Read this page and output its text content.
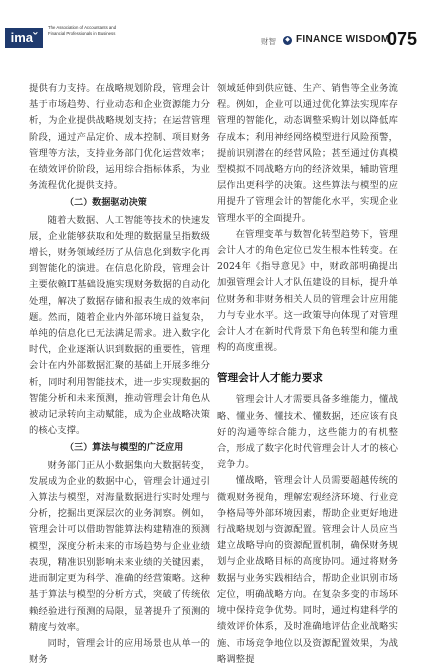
imaˇ
The Association of Accountants and Financial Professionals in Business
财智	◆ FINANCE WISDOM
075

提供有力支持。在战略规划阶段，管理会计基于市场趋势、行业动态和企业资源能力分析，为企业提供战略规划支持；在运营管理阶段，通过产品定价、成本控制、项目财务管理等方法，支持业务部门优化运营效率；在绩效评价阶段，运用综合指标体系，为业务流程优化提供支持。

（二）数据驱动决策

随着大数据、人工智能等技术的快速发展，企业能够获取和处理的数据量呈指数级增长，财务领域经历了从信息化到数字化再到智能化的演进。在信息化阶段，管理会计主要依赖IT基础设施实现财务数据的自动化处理，解决了数据存储和报表生成的效率问题。然而，随着企业内外部环境日益复杂，单纯的信息化已无法满足需求。进入数字化时代，企业逐渐认识到数据的重要性，管理会计在内外部数据汇聚的基础上开展多维分析，同时利用智能技术，进一步实现数据的智能分析和未来预测，推动管理会计角色从被动记录转向主动赋能，成为企业战略决策的核心支撑。

（三）算法与模型的广泛应用

财务部门正从小数据集向大数据转变，发展成为企业的数据中心，管理会计通过引入算法与模型，对海量数据进行实时处理与分析，挖掘出更深层次的业务洞察。例如，管理会计可以借助智能算法构建精准的预测模型，深度分析未来的市场趋势与企业业绩表现，精准识别影响未来业绩的关键因素，进而制定更为科学、准确的经营策略。这种基于算法与模型的分析方式，突破了传统依赖经验进行预测的局限，显著提升了预测的精度与效率。

同时，管理会计的应用场景也从单一的财务

领域延伸到供应链、生产、销售等全业务流程。例如，企业可以通过优化算法实现库存管理的智能化，动态调整采购计划以降低库存成本；利用神经网络模型进行风险预警，提前识别潜在的经营风险；甚至通过仿真模型模拟不同战略方向的经济效果，辅助管理层作出更科学的决策。这些算法与模型的应用提升了管理会计的智能化水平，实现企业管理水平的全面提升。

在管理变革与数智化转型趋势下，管理会计人才的角色定位已发生根本性转变。在2024年《指导意见》中，财政部明确提出加强管理会计人才队伍建设的目标，提升单位财务和非财务相关人员的管理会计应用能力与专业水平。这一政策导向体现了对管理会计人才在新时代背景下角色转型和能力重构的高度重视。

管理会计人才能力要求

管理会计人才需要具备多维能力，懂战略、懂业务、懂技术、懂数据，还应该有良好的沟通等综合能力，这些能力的有机整合，形成了数字化时代管理会计人才的核心竞争力。

懂战略，管理会计人员需要超越传统的微观财务视角，理解宏观经济环境、行业竞争格局等外部环境因素，帮助企业更好地进行战略规划与资源配置。管理会计人员应当建立战略导向的资源配置机制，确保财务规划与企业战略目标的高度协同。通过将财务数据与业务实践相结合，帮助企业识别市场定位，明确战略方向。在复杂多变的市场环境中保持竞争优势。同时，通过构建科学的绩效评价体系，及时准确地评估企业战略实施、市场竞争地位以及资源配置效果，为战略调整提
